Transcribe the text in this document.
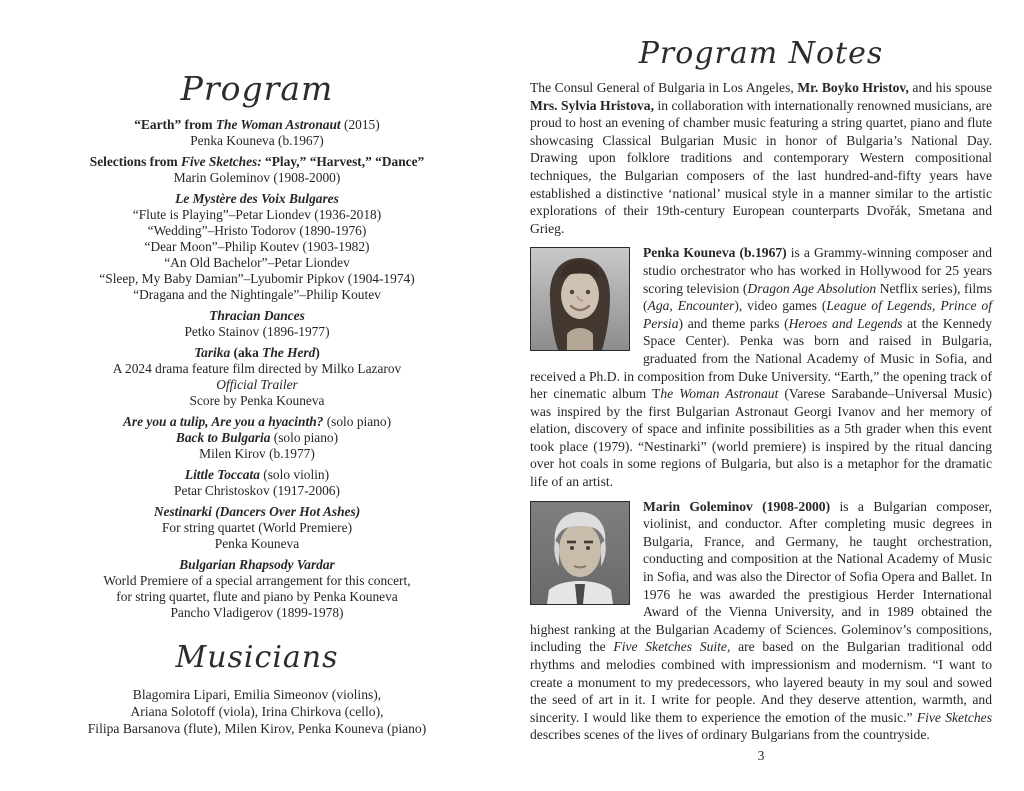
Program
“Earth” from The Woman Astronaut (2015)
Penka Kouneva (b.1967)
Selections from Five Sketches: “Play,” “Harvest,” “Dance”
Marin Goleminov (1908-2000)
Le Mystère des Voix Bulgares
“Flute is Playing”–Petar Liondev (1936-2018)
“Wedding”–Hristo Todorov (1890-1976)
“Dear Moon”–Philip Koutev (1903-1982)
“An Old Bachelor”–Petar Liondev
“Sleep, My Baby Damian”–Lyubomir Pipkov (1904-1974)
“Dragana and the Nightingale”–Philip Koutev
Thracian Dances
Petko Stainov (1896-1977)
Tarika (aka The Herd)
A 2024 drama feature film directed by Milko Lazarov
Official Trailer
Score by Penka Kouneva
Are you a tulip, Are you a hyacinth? (solo piano)
Back to Bulgaria (solo piano)
Milen Kirov (b.1977)
Little Toccata (solo violin)
Petar Christoskov (1917-2006)
Nestinarki (Dancers Over Hot Ashes)
For string quartet (World Premiere)
Penka Kouneva
Bulgarian Rhapsody Vardar
World Premiere of a special arrangement for this concert,
for string quartet, flute and piano by Penka Kouneva
Pancho Vladigerov (1899-1978)
Musicians
Blagomira Lipari, Emilia Simeonov (violins),
Ariana Solotoff (viola), Irina Chirkova (cello),
Filipa Barsanova (flute), Milen Kirov, Penka Kouneva (piano)
Program Notes
The Consul General of Bulgaria in Los Angeles, Mr. Boyko Hristov, and his spouse Mrs. Sylvia Hristova, in collaboration with internationally renowned musicians, are proud to host an evening of chamber music featuring a string quartet, piano and flute showcasing Classical Bulgarian Music in honor of Bulgaria’s National Day. Drawing upon folklore traditions and contemporary Western compositional techniques, the Bulgarian composers of the last hundred-and-fifty years have established a distinctive ‘national’ musical style in a manner similar to the artistic explorations of their 19th-century European counterparts Dvořák, Smetana and Grieg.
Penka Kouneva (b.1967) is a Grammy-winning composer and studio orchestrator who has worked in Hollywood for 25 years scoring television (Dragon Age Absolution Netflix series), films (Aga, Encounter), video games (League of Legends, Prince of Persia) and theme parks (Heroes and Legends at the Kennedy Space Center). Penka was born and raised in Bulgaria, graduated from the National Academy of Music in Sofia, and received a Ph.D. in composition from Duke University. “Earth,” the opening track of her cinematic album The Woman Astronaut (Varese Sarabande–Universal Music) was inspired by the first Bulgarian Astronaut Georgi Ivanov and her memory of elation, discovery of space and infinite possibilities as a 5th grader when this event took place (1979). “Nestinarki” (world premiere) is inspired by the ritual dancing over hot coals in some regions of Bulgaria, but also is a metaphor for the dramatic life of an artist.
Marin Goleminov (1908-2000) is a Bulgarian composer, violinist, and conductor. After completing music degrees in Bulgaria, France, and Germany, he taught orchestration, conducting and composition at the National Academy of Music in Sofia, and was also the Director of Sofia Opera and Ballet. In 1976 he was awarded the prestigious Herder International Award of the Vienna University, and in 1989 obtained the highest ranking at the Bulgarian Academy of Sciences. Goleminov’s compositions, including the Five Sketches Suite, are based on the Bulgarian traditional odd rhythms and melodies combined with impressionism and modernism. “I want to create a monument to my predecessors, who layered beauty in my soul and sowed the seed of art in it. I write for people. And they deserve attention, warmth, and sincerity. I would like them to experience the emotion of the music.” Five Sketches describes scenes of the lives of ordinary Bulgarians from the countryside.
3
